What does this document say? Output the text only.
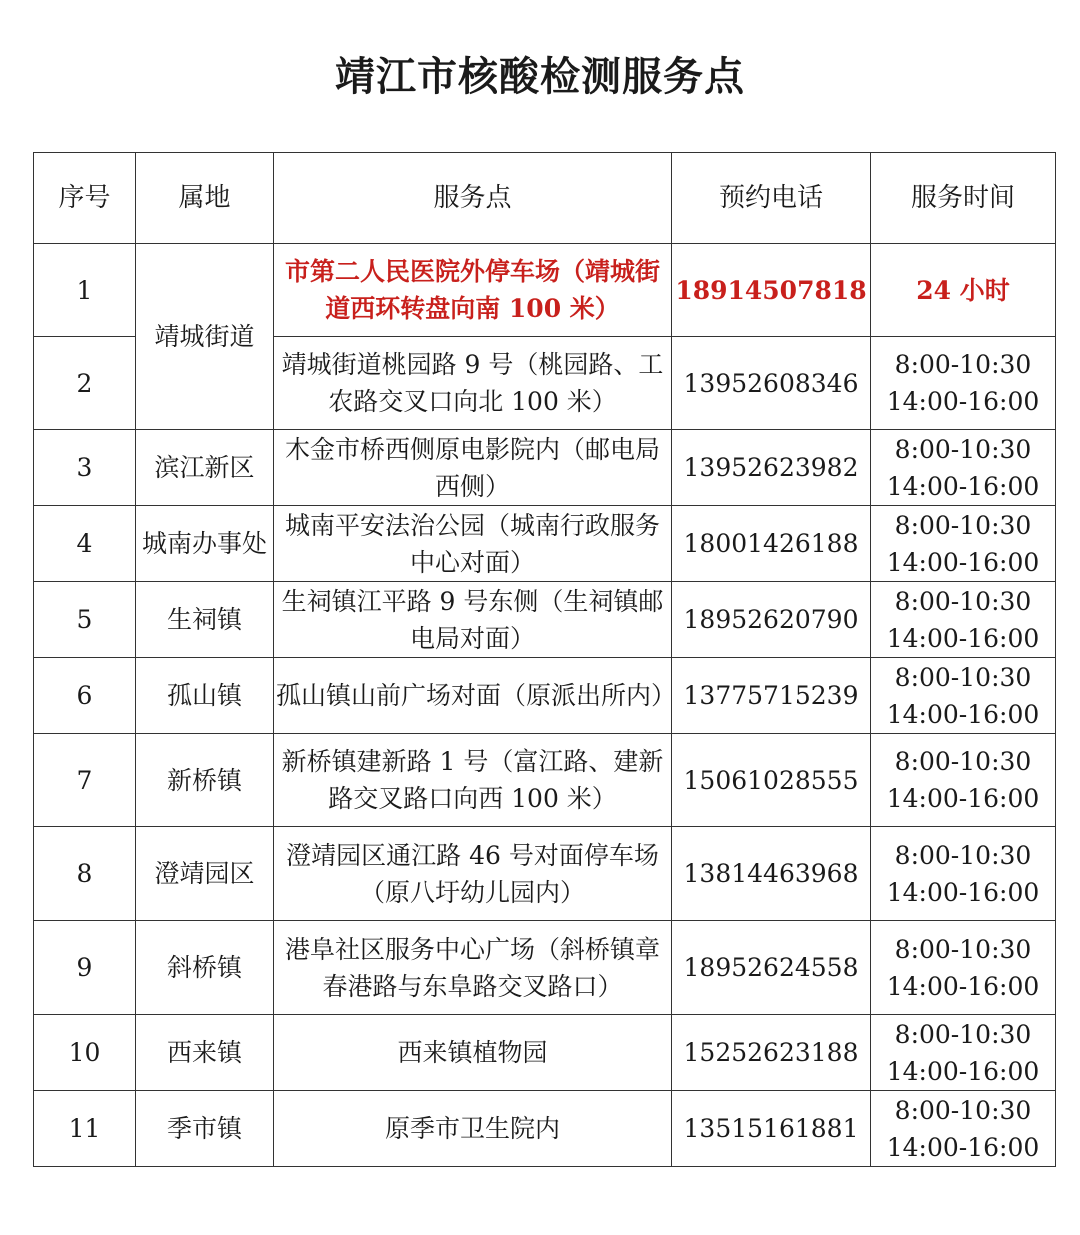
靖江市核酸检测服务点
序号	属地	服务点	预约电话	服务时间
1	靖城街道	市第二人民医院外停车场（靖城街道西环转盘向南 100 米）	18914507818	24 小时
2		靖城街道桃园路 9 号（桃园路、工农路交叉口向北 100 米）	13952608346	8:00-10:30
14:00-16:00

3	滨江新区	木金市桥西侧原电影院内（邮电局西侧）	13952623982	8:00-10:30
14:00-16:00

4	城南办事处	城南平安法治公园（城南行政服务中心对面）	18001426188	8:00-10:30
14:00-16:00

5	生祠镇	生祠镇江平路 9 号东侧（生祠镇邮电局对面）	18952620790	8:00-10:30
14:00-16:00

6	孤山镇	孤山镇山前广场对面（原派出所内）	13775715239	8:00-10:30
14:00-16:00

7	新桥镇	新桥镇建新路 1 号（富江路、建新路交叉路口向西 100 米）	15061028555	8:00-10:30
14:00-16:00

8	澄靖园区	澄靖园区通江路 46 号对面停车场（原八圩幼儿园内）	13814463968	8:00-10:30
14:00-16:00

9	斜桥镇	港阜社区服务中心广场（斜桥镇章春港路与东阜路交叉路口）	18952624558	8:00-10:30
14:00-16:00

10	西来镇	西来镇植物园	15252623188	8:00-10:30
14:00-16:00

11	季市镇	原季市卫生院内	13515161881	8:00-10:30
14:00-16:00
